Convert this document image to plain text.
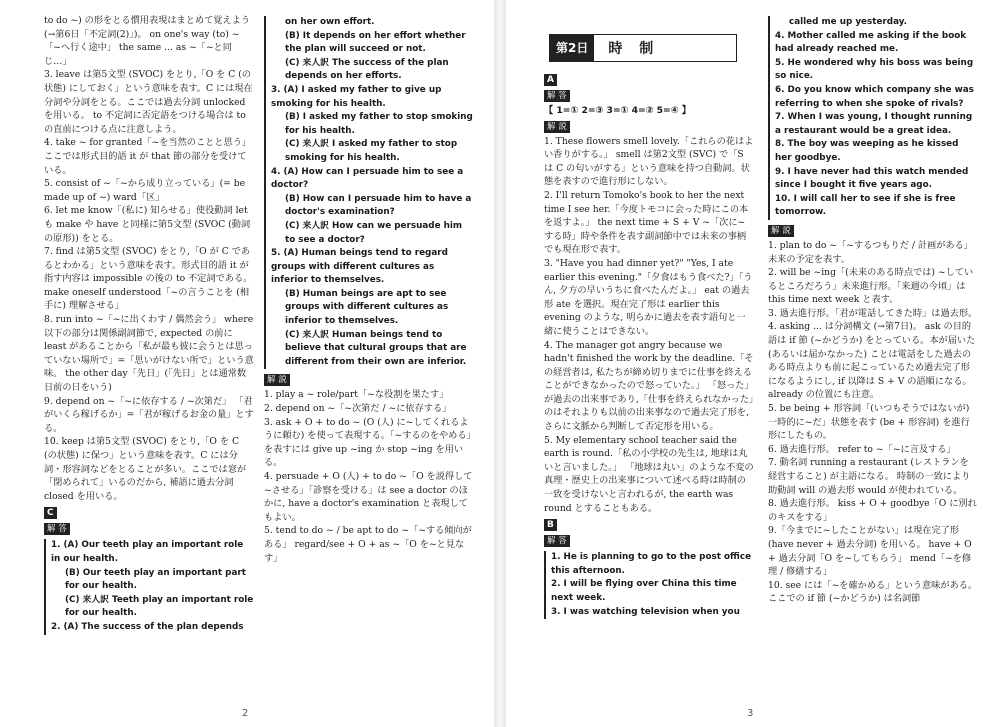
to do ~) の形をとる慣用表現はまとめて覚えよう (→第6日「不定詞(2)」)。 on one's way (to) ~「~へ行く途中」 the same ... as ~「~と同じ…」

3. leave は第5文型 (SVOC) をとり,「O を C (の状態) にしておく」という意味を表す。C には現在分詞や分詞をとる。ここでは過去分詞 unlocked を用いる。 to 不定詞に否定語をつける場合は to の直前につける点に注意しよう。

4. take ~ for granted「~を当然のことと思う」ここでは形式目的語 it が that 節の部分を受けている。

5. consist of ~「~から成り立っている」(= be made up of ~) ward「区」

6. let me know「(私に) 知らせる」使役動詞 let も make や have と同様に第5文型 (SVOC (動詞の原形)) をとる。

7. find は第5文型 (SVOC) をとり,「O が C であるとわかる」という意味を表す。形式目的語 it が指す内容は impossible の後の to 不定詞である。 make oneself understood「~の言うことを (相手に) 理解させる」

8. run into ~「~に出くわす / 偶然会う」 where 以下の部分は関係副詞節で, expected の前に least があることから「私が最も彼に会うとは思っていない場所で」=「思いがけない所で」という意味。 the other day「先日」(「先日」とは通常数日前の日をいう)

9. depend on ~「~に依存する / ~次第だ」 「君がいくら稼げるか」=「君が稼げるお金の量」とする。

10. keep は第5文型 (SVOC) をとり,「O を C (の状態) に保つ」という意味を表す。C には分詞・形容詞などをとることが多い。ここでは窓が「閉められて」いるのだから, 補語に過去分詞 closed を用いる。

C
解 答

1. (A) Our teeth play an important role in our health.

(B) Our teeth play an important part for our health.

(C) 来人訳 Teeth play an important role for our health.

2. (A) The success of the plan depends

on her own effort.

(B) It depends on her effort whether the plan will succeed or not.

(C) 来人訳 The success of the plan depends on her efforts.

3. (A) I asked my father to give up smoking for his health.

(B) I asked my father to stop smoking for his health.

(C) 来人訳 I asked my father to stop smoking for his health.

4. (A) How can I persuade him to see a doctor?

(B) How can I persuade him to have a doctor's examination?

(C) 来人訳 How can we persuade him to see a doctor?

5. (A) Human beings tend to regard groups with different cultures as inferior to themselves.

(B) Human beings are apt to see groups with different cultures as inferior to themselves.

(C) 来人訳 Human beings tend to believe that cultural groups that are different from their own are inferior.

解 説

1. play a ~ role/part「~な役割を果たす」

2. depend on ~「~次第だ / ~に依存する」

3. ask + O + to do ~ (O (人) に~してくれるように頼む) を使って表現する。「~するのをやめる」を表すには give up ~ing か stop ~ing を用いる。

4. persuade + O (人) + to do ~「O を説得して~させる」「診察を受ける」は see a doctor のほかに, have a doctor's examination と表現してもよい。

5. tend to do ~ / be apt to do ~「~する傾向がある」 regard/see + O + as ~「O を~と見なす」

2
第2日	時 制
A
解 答

【 1=① 2=③ 3=① 4=② 5=④ 】

解 説

1. These flowers smell lovely.「これらの花はよい香りがする。」 smell は第2文型 (SVC) で「S は C の匂いがする」という意味を持つ自動詞。状態を表すので進行形にしない。

2. I'll return Tomoko's book to her the next time I see her.「今度トモコに会った時にこの本を返すよ。」 the next time + S + V ~「次に~する時」時や条件を表す副詞節中では未来の事柄でも現在形で表す。

3. "Have you had dinner yet?" "Yes, I ate earlier this evening."「夕食はもう食べた?」「うん, 夕方の早いうちに食べたんだよ。」 eat の過去形 ate を選択。現在完了形は earlier this evening のような, 明らかに過去を表す語句と一緒に使うことはできない。

4. The manager got angry because we hadn't finished the work by the deadline.「その経営者は, 私たちが締め切りまでに仕事を終えることができなかったので怒っていた。」 「怒った」が過去の出来事であり,「仕事を終えられなかった」のはそれよりも以前の出来事なので過去完了形を, さらに文脈から判断して否定形を用いる。

5. My elementary school teacher said the earth is round.「私の小学校の先生は, 地球は丸いと言いました。」 「地球は丸い」のような不変の真理・歴史上の出来事について述べる時は時制の一致を受けないと言われるが, the earth was round とすることもある。

B
解 答

1. He is planning to go to the post office this afternoon.

2. I will be flying over China this time next week.

3. I was watching television when you

called me up yesterday.

4. Mother called me asking if the book had already reached me.

5. He wondered why his boss was being so nice.

6. Do you know which company she was referring to when she spoke of rivals?

7. When I was young, I thought running a restaurant would be a great idea.

8. The boy was weeping as he kissed her goodbye.

9. I have never had this watch mended since I bought it five years ago.

10. I will call her to see if she is free tomorrow.

解 説

1. plan to do ~「~するつもりだ / 計画がある」未来の予定を表す。

2. will be ~ing「(未来のある時点では) ~しているところだろう」未来進行形。「来週の今頃」は this time next week と表す。

3. 過去進行形。「君が電話してきた時」は過去形。

4. asking ... は分詞構文 (→第7日)。 ask の目的語は if 節 (~かどうか) をとっている。本が届いた (あるいは届かなかった) ことは電話をした過去のある時点よりも前に起こっているため過去完了形になるようにし, if 以降は S + V の語順になる。 already の位置にも注意。

5. be being + 形容詞「(いつもそうではないが) 一時的に~だ」状態を表す (be + 形容詞) を進行形にしたもの。

6. 過去進行形。 refer to ~「~に言及する」

7. 動名詞 running a restaurant (レストランを経営すること) が主語になる。 時制の一致により助動詞 will の過去形 would が使われている。

8. 過去進行形。 kiss + O + goodbye「O に別れのキスをする」

9.「今までに~したことがない」は現在完了形 (have never + 過去分詞) を用いる。 have + O + 過去分詞「O を~してもらう」 mend「~を修理 / 修繕する」

10. see には「~を確かめる」という意味がある。ここでの if 節 (~かどうか) は名詞節

3
